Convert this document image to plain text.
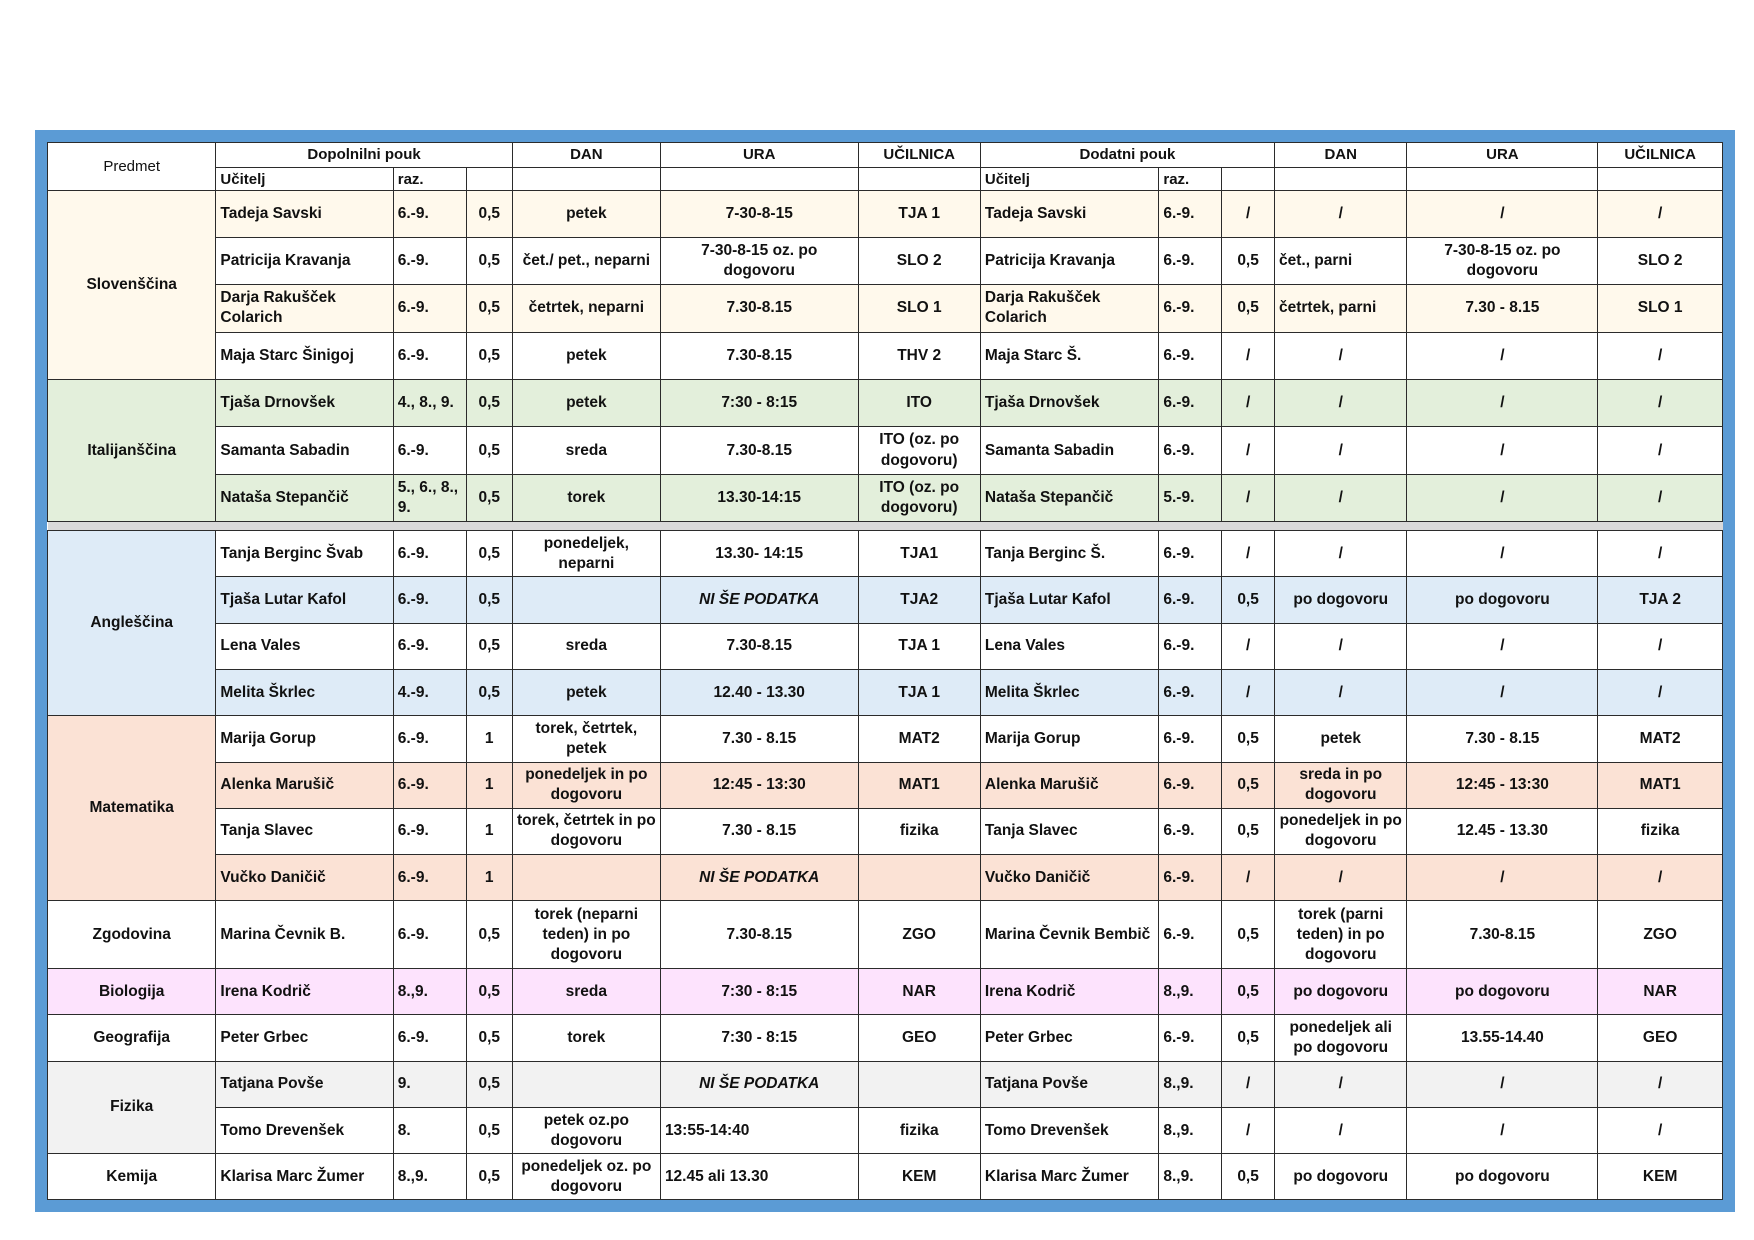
Predmet	Dopolnilni pouk			DAN	URA	UČILNICA	Dodatni pouk			DAN	URA	UČILNICA
	Učitelj	raz.					Učitelj	raz.				
Slovenščina	Tadeja Savski	6.-9.	0,5	petek	7-30-8-15	TJA 1	Tadeja Savski	6.-9.	/	/	/	/
	Patricija Kravanja	6.-9.	0,5	čet./ pet., neparni	7-30-8-15 oz. po dogovoru	SLO 2	Patricija Kravanja	6.-9.	0,5	čet., parni	7-30-8-15 oz. po dogovoru	SLO 2
	Darja Rakušček Colarich	6.-9.	0,5	četrtek, neparni	7.30-8.15	SLO 1	Darja Rakušček Colarich	6.-9.	0,5	četrtek, parni	7.30 - 8.15	SLO 1
	Maja Starc Šinigoj	6.-9.	0,5	petek	7.30-8.15	THV 2	Maja Starc Š.	6.-9.	/	/	/	/
Italijanščina	Tjaša Drnovšek	4., 8., 9.	0,5	petek	7:30 - 8:15	ITO	Tjaša Drnovšek	6.-9.	/	/	/	/
	Samanta Sabadin	6.-9.	0,5	sreda	7.30-8.15	ITO (oz. po dogovoru)	Samanta Sabadin	6.-9.	/	/	/	/
	Nataša Stepančič	5., 6., 8., 9.	0,5	torek	13.30-14:15	ITO (oz. po dogovoru)	Nataša Stepančič	5.-9.	/	/	/	/

Angleščina	Tanja Berginc Švab	6.-9.	0,5	ponedeljek, neparni	13.30- 14:15	TJA1	Tanja Berginc Š.	6.-9.	/	/	/	/
	Tjaša Lutar Kafol	6.-9.	0,5		NI ŠE PODATKA	TJA2	Tjaša Lutar Kafol	6.-9.	0,5	po dogovoru	po dogovoru	TJA 2
	Lena Vales	6.-9.	0,5	sreda	7.30-8.15	TJA 1	Lena Vales	6.-9.	/	/	/	/
	Melita Škrlec	4.-9.	0,5	petek	12.40 - 13.30	TJA 1	Melita Škrlec	6.-9.	/	/	/	/
Matematika	Marija Gorup	6.-9.	1	torek, četrtek, petek	7.30 - 8.15	MAT2	Marija Gorup	6.-9.	0,5	petek	7.30 - 8.15	MAT2
	Alenka Marušič	6.-9.	1	ponedeljek in po dogovoru	12:45 - 13:30	MAT1	Alenka Marušič	6.-9.	0,5	sreda in po dogovoru	12:45 - 13:30	MAT1
	Tanja Slavec	6.-9.	1	torek, četrtek in po dogovoru	7.30 - 8.15	fizika	Tanja Slavec	6.-9.	0,5	ponedeljek in po dogovoru	12.45 - 13.30	fizika
	Vučko Daničič	6.-9.	1		NI ŠE PODATKA		Vučko Daničič	6.-9.	/	/	/	/
Zgodovina	Marina Čevnik B.	6.-9.	0,5	torek (neparni teden) in po dogovoru	7.30-8.15	ZGO	Marina Čevnik Bembič	6.-9.	0,5	torek (parni teden) in po dogovoru	7.30-8.15	ZGO
Biologija	Irena Kodrič	8.,9.	0,5	sreda	7:30 - 8:15	NAR	Irena Kodrič	8.,9.	0,5	po dogovoru	po dogovoru	NAR
Geografija	Peter Grbec	6.-9.	0,5	torek	7:30 - 8:15	GEO	Peter Grbec	6.-9.	0,5	ponedeljek ali po dogovoru	13.55-14.40	GEO
Fizika	Tatjana Povše	9.	0,5		NI ŠE PODATKA		Tatjana Povše	8.,9.	/	/	/	/
	Tomo Drevenšek	8.	0,5	petek oz.po dogovoru	13:55-14:40	fizika	Tomo Drevenšek	8.,9.	/	/	/	/
Kemija	Klarisa Marc Žumer	8.,9.	0,5	ponedeljek oz. po dogovoru	12.45 ali 13.30	KEM	Klarisa Marc Žumer	8.,9.	0,5	po dogovoru	po dogovoru	KEM
